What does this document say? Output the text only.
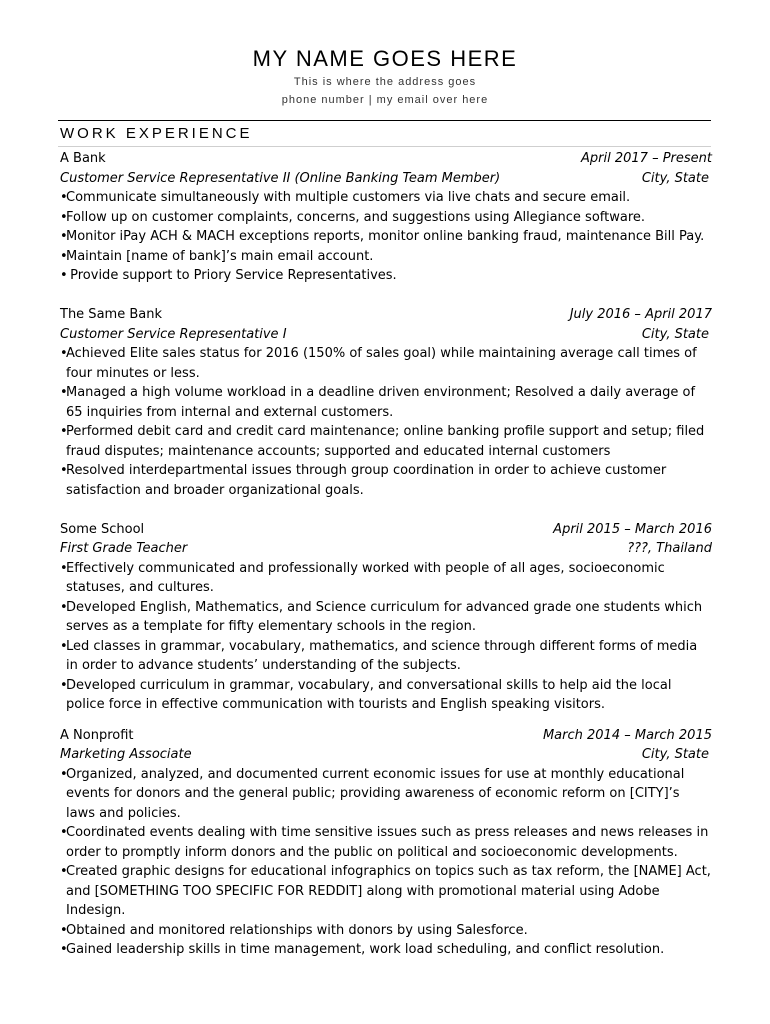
MY NAME GOES HERE
This is where the address goes
phone number | my email over here
WORK EXPERIENCE
A Bank	April 2017 – Present
Customer Service Representative II (Online Banking Team Member)	City, State
•
Communicate simultaneously with multiple customers via live chats and secure email.
•
Follow up on customer complaints, concerns, and suggestions using Allegiance software.
•
Monitor iPay ACH & MACH exceptions reports, monitor online banking fraud, maintenance Bill Pay.
•
Maintain [name of bank]’s main email account.
•
Provide support to Priory Service Representatives.
The Same Bank	July 2016 – April 2017
Customer Service Representative I	City, State
•
Achieved Elite sales status for 2016 (150% of sales goal) while maintaining average call times of four minutes or less.
•
Managed a high volume workload in a deadline driven environment; Resolved a daily average of 65 inquiries from internal and external customers.
•
Performed debit card and credit card maintenance; online banking profile support and setup; filed fraud disputes; maintenance accounts; supported and educated internal customers
•
Resolved interdepartmental issues through group coordination in order to achieve customer satisfaction and broader organizational goals.
Some School	April 2015 – March 2016
First Grade Teacher	???, Thailand
•
Effectively communicated and professionally worked with people of all ages, socioeconomic statuses, and cultures.
•
Developed English, Mathematics, and Science curriculum for advanced grade one students which serves as a template for fifty elementary schools in the region.
•
Led classes in grammar, vocabulary, mathematics, and science through different forms of media in order to advance students’ understanding of the subjects.
•
Developed curriculum in grammar, vocabulary, and conversational skills to help aid the local police force in effective communication with tourists and English speaking visitors.
A Nonprofit	March 2014 – March 2015
Marketing Associate	City, State
•
Organized, analyzed, and documented current economic issues for use at monthly educational events for donors and the general public; providing awareness of economic reform on [CITY]’s laws and policies.
•
Coordinated events dealing with time sensitive issues such as press releases and news releases in order to promptly inform donors and the public on political and socioeconomic developments.
•
Created graphic designs for educational infographics on topics such as tax reform, the [NAME] Act, and [SOMETHING TOO SPECIFIC FOR REDDIT] along with promotional material using Adobe Indesign.
•
Obtained and monitored relationships with donors by using Salesforce.
•
Gained leadership skills in time management, work load scheduling, and conflict resolution.
